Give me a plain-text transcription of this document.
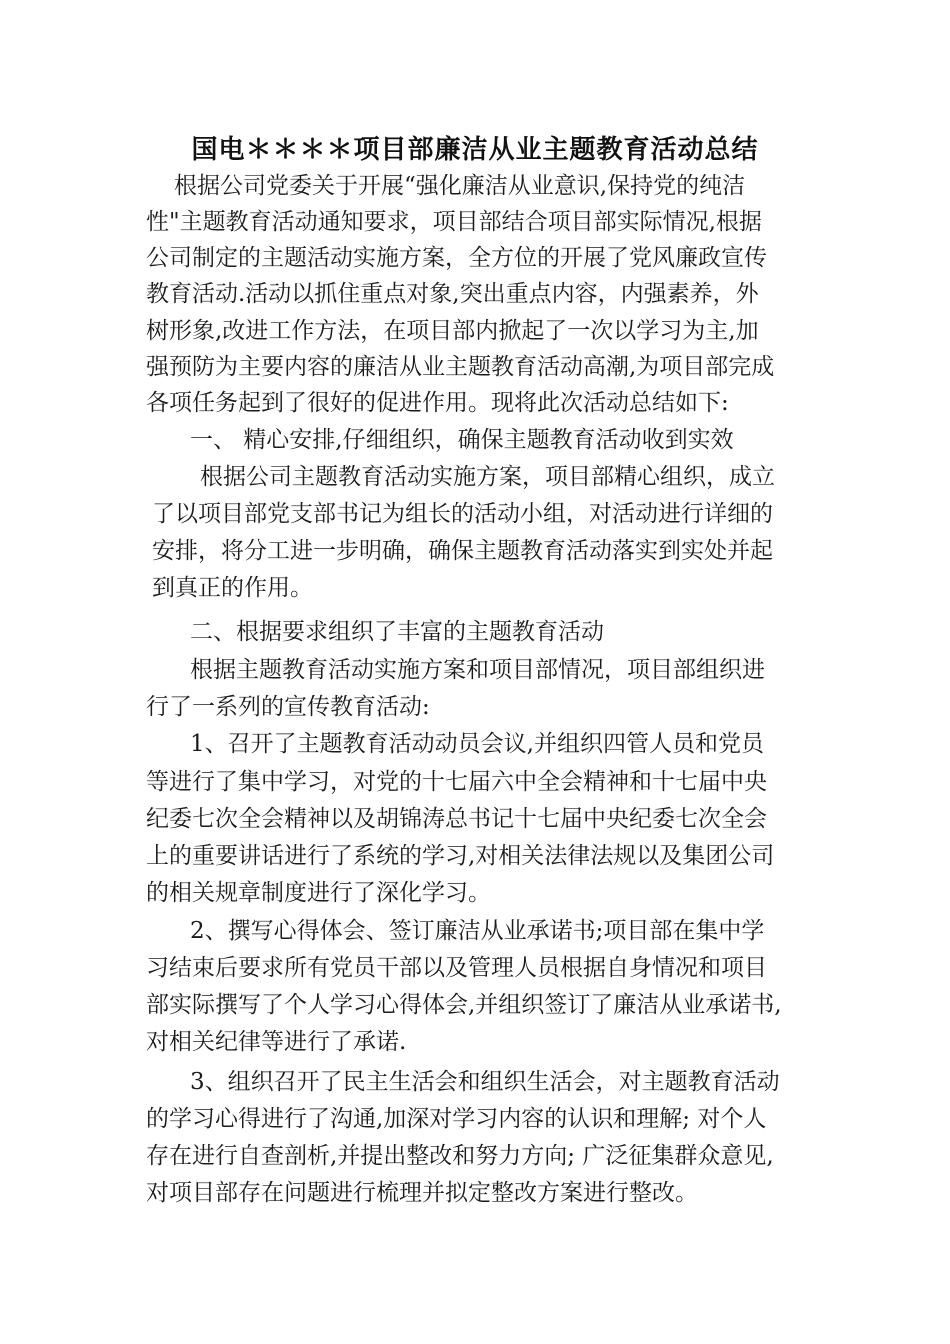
国电＊＊＊＊项目部廉洁从业主题教育活动总结
根据公司党委关于开展“强化廉洁从业意识,保持党的纯洁
性"主题教育活动通知要求，项目部结合项目部实际情况,根据
公司制定的主题活动实施方案，全方位的开展了党风廉政宣传
教育活动.活动以抓住重点对象,突出重点内容，内强素养，外
树形象,改进工作方法，在项目部内掀起了一次以学习为主,加
强预防为主要内容的廉洁从业主题教育活动高潮,为项目部完成
各项任务起到了很好的促进作用。现将此次活动总结如下:
一、 精心安排,仔细组织，确保主题教育活动收到实效
根据公司主题教育活动实施方案，项目部精心组织，成立
了以项目部党支部书记为组长的活动小组，对活动进行详细的
安排，将分工进一步明确，确保主题教育活动落实到实处并起
到真正的作用。
二、根据要求组织了丰富的主题教育活动
根据主题教育活动实施方案和项目部情况，项目部组织进
行了一系列的宣传教育活动:
1、召开了主题教育活动动员会议,并组织四管人员和党员
等进行了集中学习，对党的十七届六中全会精神和十七届中央
纪委七次全会精神以及胡锦涛总书记十七届中央纪委七次全会
上的重要讲话进行了系统的学习,对相关法律法规以及集团公司
的相关规章制度进行了深化学习。
2、撰写心得体会、签订廉洁从业承诺书;项目部在集中学
习结束后要求所有党员干部以及管理人员根据自身情况和项目
部实际撰写了个人学习心得体会,并组织签订了廉洁从业承诺书,
对相关纪律等进行了承诺.
3、组织召开了民主生活会和组织生活会，对主题教育活动
的学习心得进行了沟通,加深对学习内容的认识和理解; 对个人
存在进行自查剖析,并提出整改和努力方向; 广泛征集群众意见,
对项目部存在问题进行梳理并拟定整改方案进行整改。
